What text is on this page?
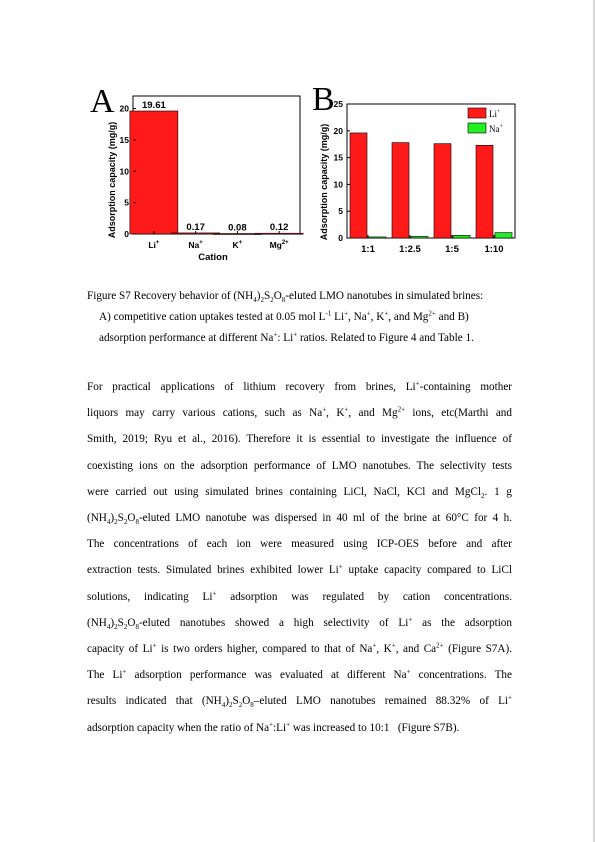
A	19.61
0.17 0.08 0.12
0
5
10
15
20
Li+	Na+	K+	$Mg^{2+}$
Cation
Adsorption capacity (mg/g)
B
0
5
10
15
20
25
1:1	1:2.5	1:5	1:10
Adsorption capacity (mg/g)
Li+
Na+

Figure S7 Recovery behavior of $(NH_4)_2S_2O_8$-eluted LMO nanotubes in simulated brines:

A) competitive cation uptakes tested at 0.05 mol $L^{-1}$ Li+, Na+, K+, and $Mg^{2+}$ and B)

adsorption performance at different Na+: Li+ ratios. Related to Figure 4 and Table 1.

For practical applications of lithium recovery from brines, Li+-containing mother

liquors may carry various cations, such as Na+, K+, and $Mg^{2+}$ ions, etc(Marthi and

Smith, 2019; Ryu et al., 2016). Therefore it is essential to investigate the influence of

coexisting ions on the adsorption performance of LMO nanotubes. The selectivity tests

were carried out using simulated brines containing LiCl, NaCl, KCl and MgCl$_2$. 1 g

$(NH_4)_2S_2O_8$-eluted LMO nanotube was dispersed in 40 ml of the brine at 60°C for 4 h.

The concentrations of each ion were measured using ICP-OES before and after

extraction tests. Simulated brines exhibited lower Li+ uptake capacity compared to LiCl

solutions, indicating Li+ adsorption was regulated by cation concentrations.

$(NH_4)_2S_2O_8$-eluted nanotubes showed a high selectivity of Li+ as the adsorption

capacity of Li+ is two orders higher, compared to that of Na+, K+, and $Ca^{2+}$ (Figure S7A).

The Li+ adsorption performance was evaluated at different Na+ concentrations. The

results indicated that $(NH_4)_2S_2O_8$–eluted LMO nanotubes remained 88.32% of Li+

adsorption capacity when the ratio of Na+:Li+ was increased to 10:1   (Figure S7B).
